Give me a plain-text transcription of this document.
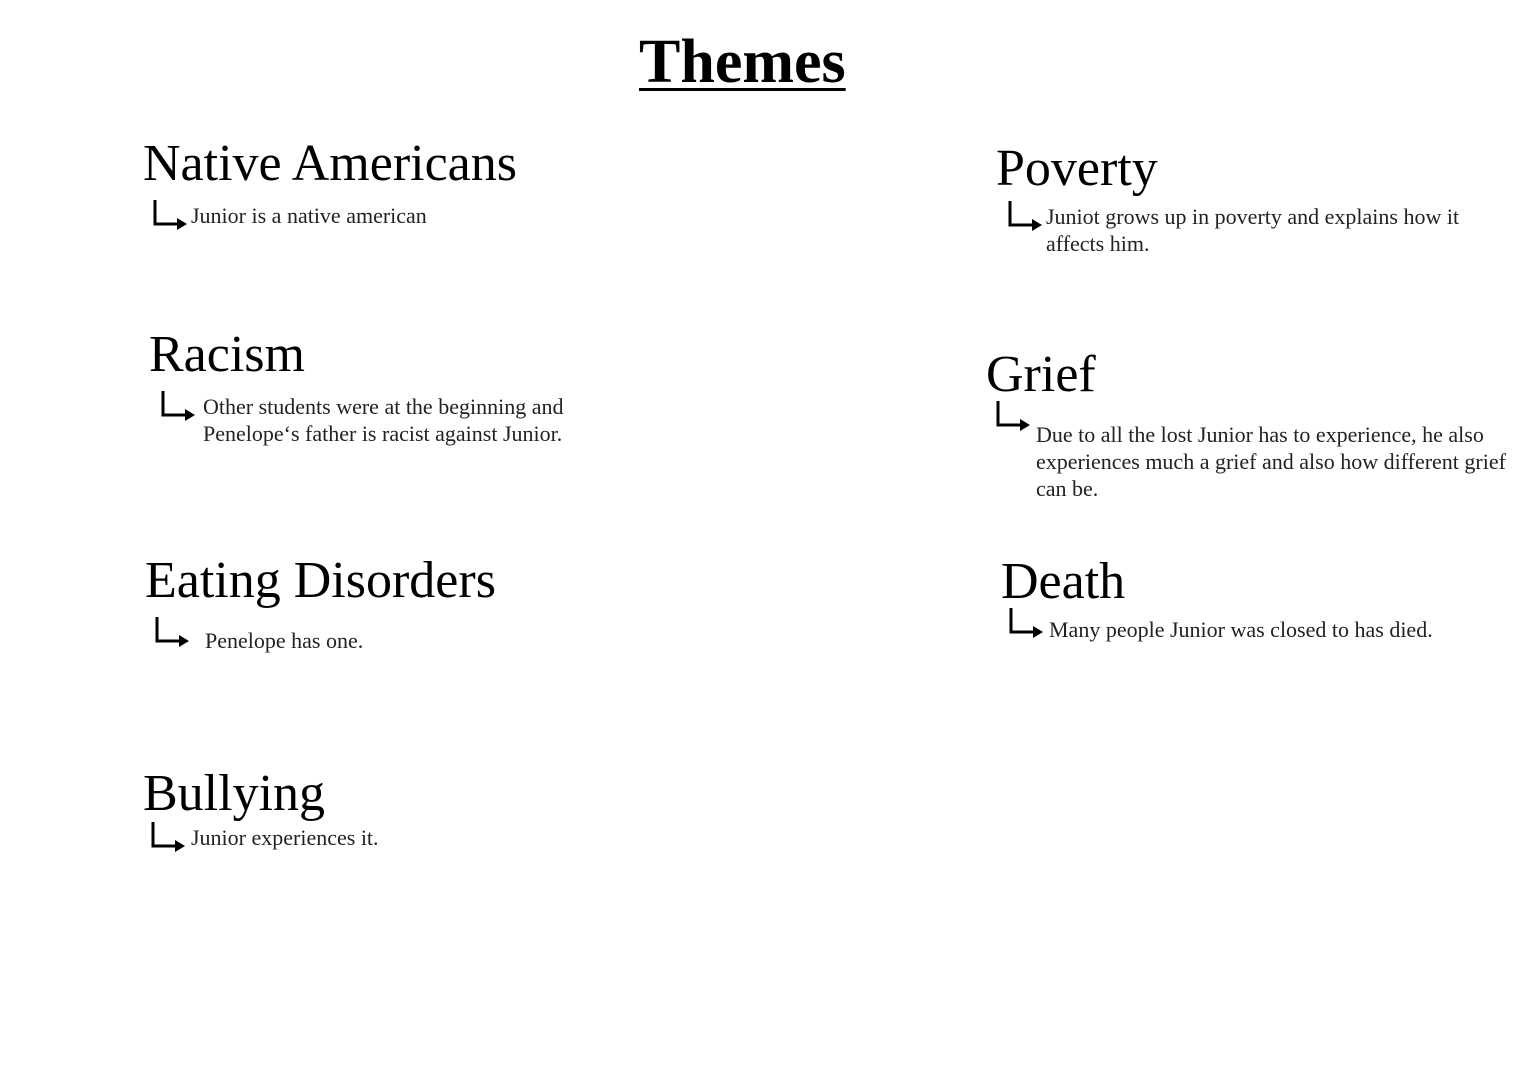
Themes
Native Americans
Junior is a native american
Racism
Other students were at the beginning and Penelope‘s father is racist against Junior.
Eating Disorders
Penelope has one.
Bullying
Junior experiences it.
Poverty
Juniot grows up in poverty and explains how it affects him.
Grief
Due to all the lost Junior has to experience, he also experiences much a grief and also how different grief can be.
Death
Many people Junior was closed to has died.
